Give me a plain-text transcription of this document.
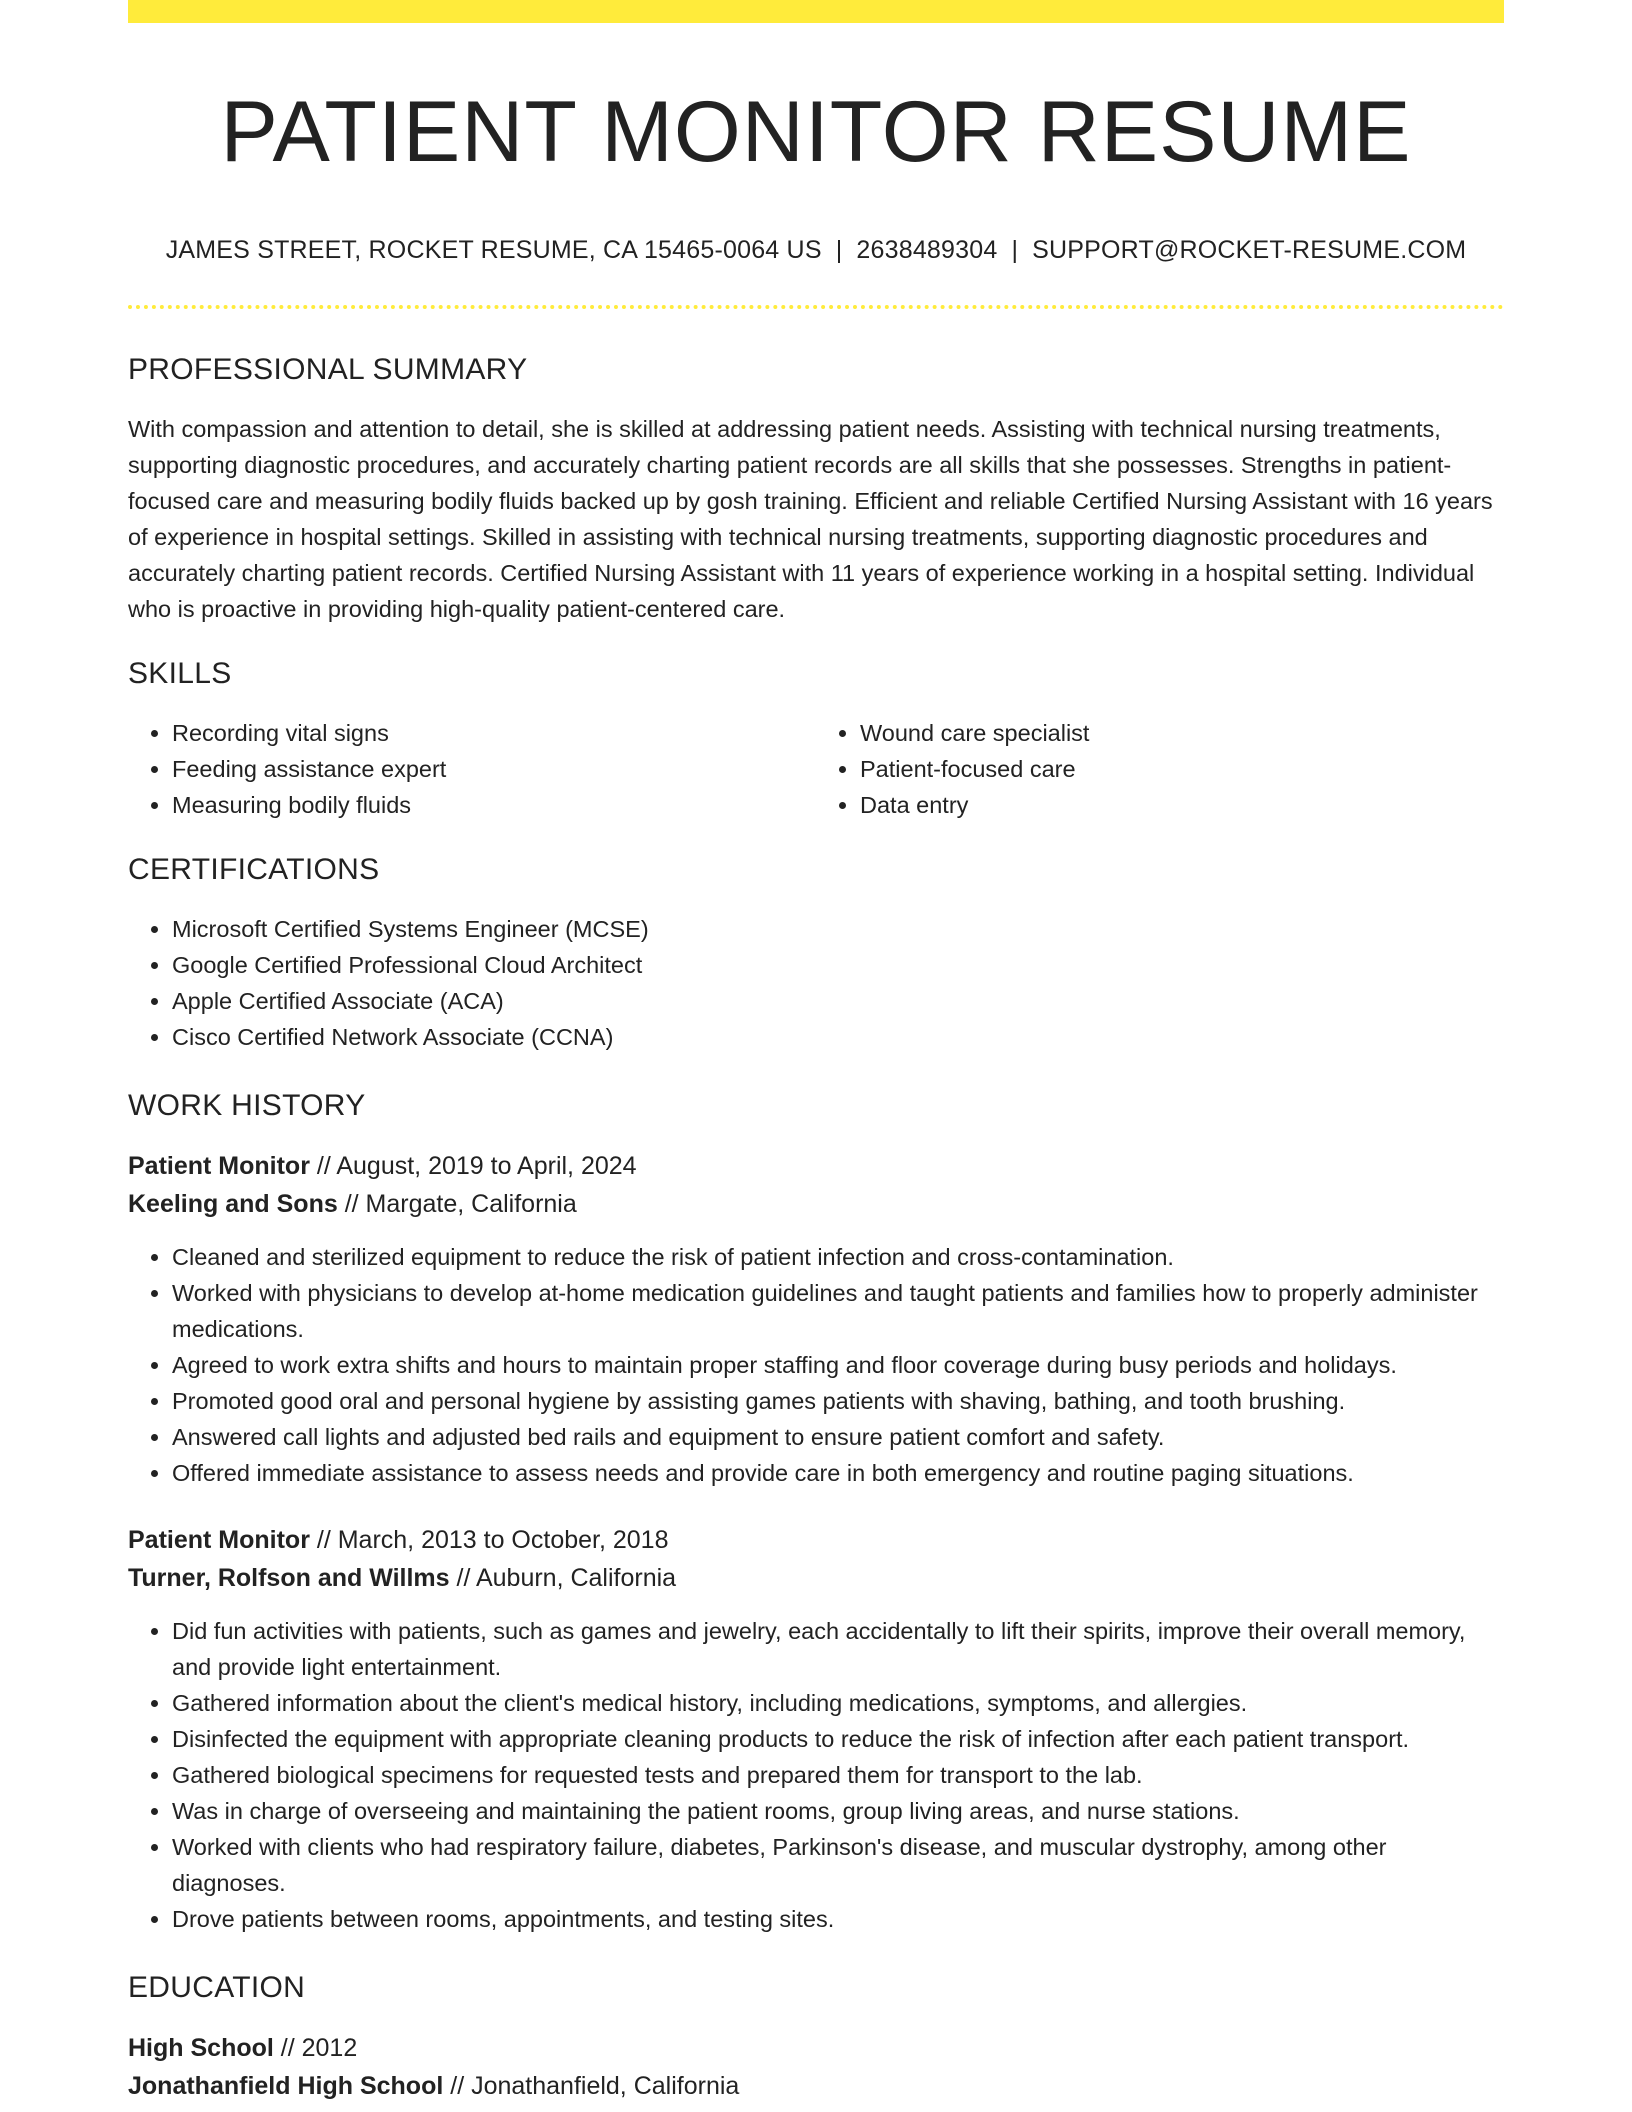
PATIENT MONITOR RESUME
JAMES STREET, ROCKET RESUME, CA 15465-0064 US | 2638489304 | SUPPORT@ROCKET-RESUME.COM
PROFESSIONAL SUMMARY
With compassion and attention to detail, she is skilled at addressing patient needs. Assisting with technical nursing treatments, supporting diagnostic procedures, and accurately charting patient records are all skills that she possesses. Strengths in patient-focused care and measuring bodily fluids backed up by gosh training. Efficient and reliable Certified Nursing Assistant with 16 years of experience in hospital settings. Skilled in assisting with technical nursing treatments, supporting diagnostic procedures and accurately charting patient records. Certified Nursing Assistant with 11 years of experience working in a hospital setting. Individual who is proactive in providing high-quality patient-centered care.
SKILLS
• Recording vital signs
• Feeding assistance expert
• Measuring bodily fluids
• Wound care specialist
• Patient-focused care
• Data entry
CERTIFICATIONS
• Microsoft Certified Systems Engineer (MCSE)
• Google Certified Professional Cloud Architect
• Apple Certified Associate (ACA)
• Cisco Certified Network Associate (CCNA)
WORK HISTORY
Patient Monitor // August, 2019 to April, 2024
Keeling and Sons // Margate, California
• Cleaned and sterilized equipment to reduce the risk of patient infection and cross-contamination.
• Worked with physicians to develop at-home medication guidelines and taught patients and families how to properly administer medications.
• Agreed to work extra shifts and hours to maintain proper staffing and floor coverage during busy periods and holidays.
• Promoted good oral and personal hygiene by assisting games patients with shaving, bathing, and tooth brushing.
• Answered call lights and adjusted bed rails and equipment to ensure patient comfort and safety.
• Offered immediate assistance to assess needs and provide care in both emergency and routine paging situations.
Patient Monitor // March, 2013 to October, 2018
Turner, Rolfson and Willms // Auburn, California
• Did fun activities with patients, such as games and jewelry, each accidentally to lift their spirits, improve their overall memory, and provide light entertainment.
• Gathered information about the client's medical history, including medications, symptoms, and allergies.
• Disinfected the equipment with appropriate cleaning products to reduce the risk of infection after each patient transport.
• Gathered biological specimens for requested tests and prepared them for transport to the lab.
• Was in charge of overseeing and maintaining the patient rooms, group living areas, and nurse stations.
• Worked with clients who had respiratory failure, diabetes, Parkinson's disease, and muscular dystrophy, among other diagnoses.
• Drove patients between rooms, appointments, and testing sites.
EDUCATION
High School // 2012
Jonathanfield High School // Jonathanfield, California
